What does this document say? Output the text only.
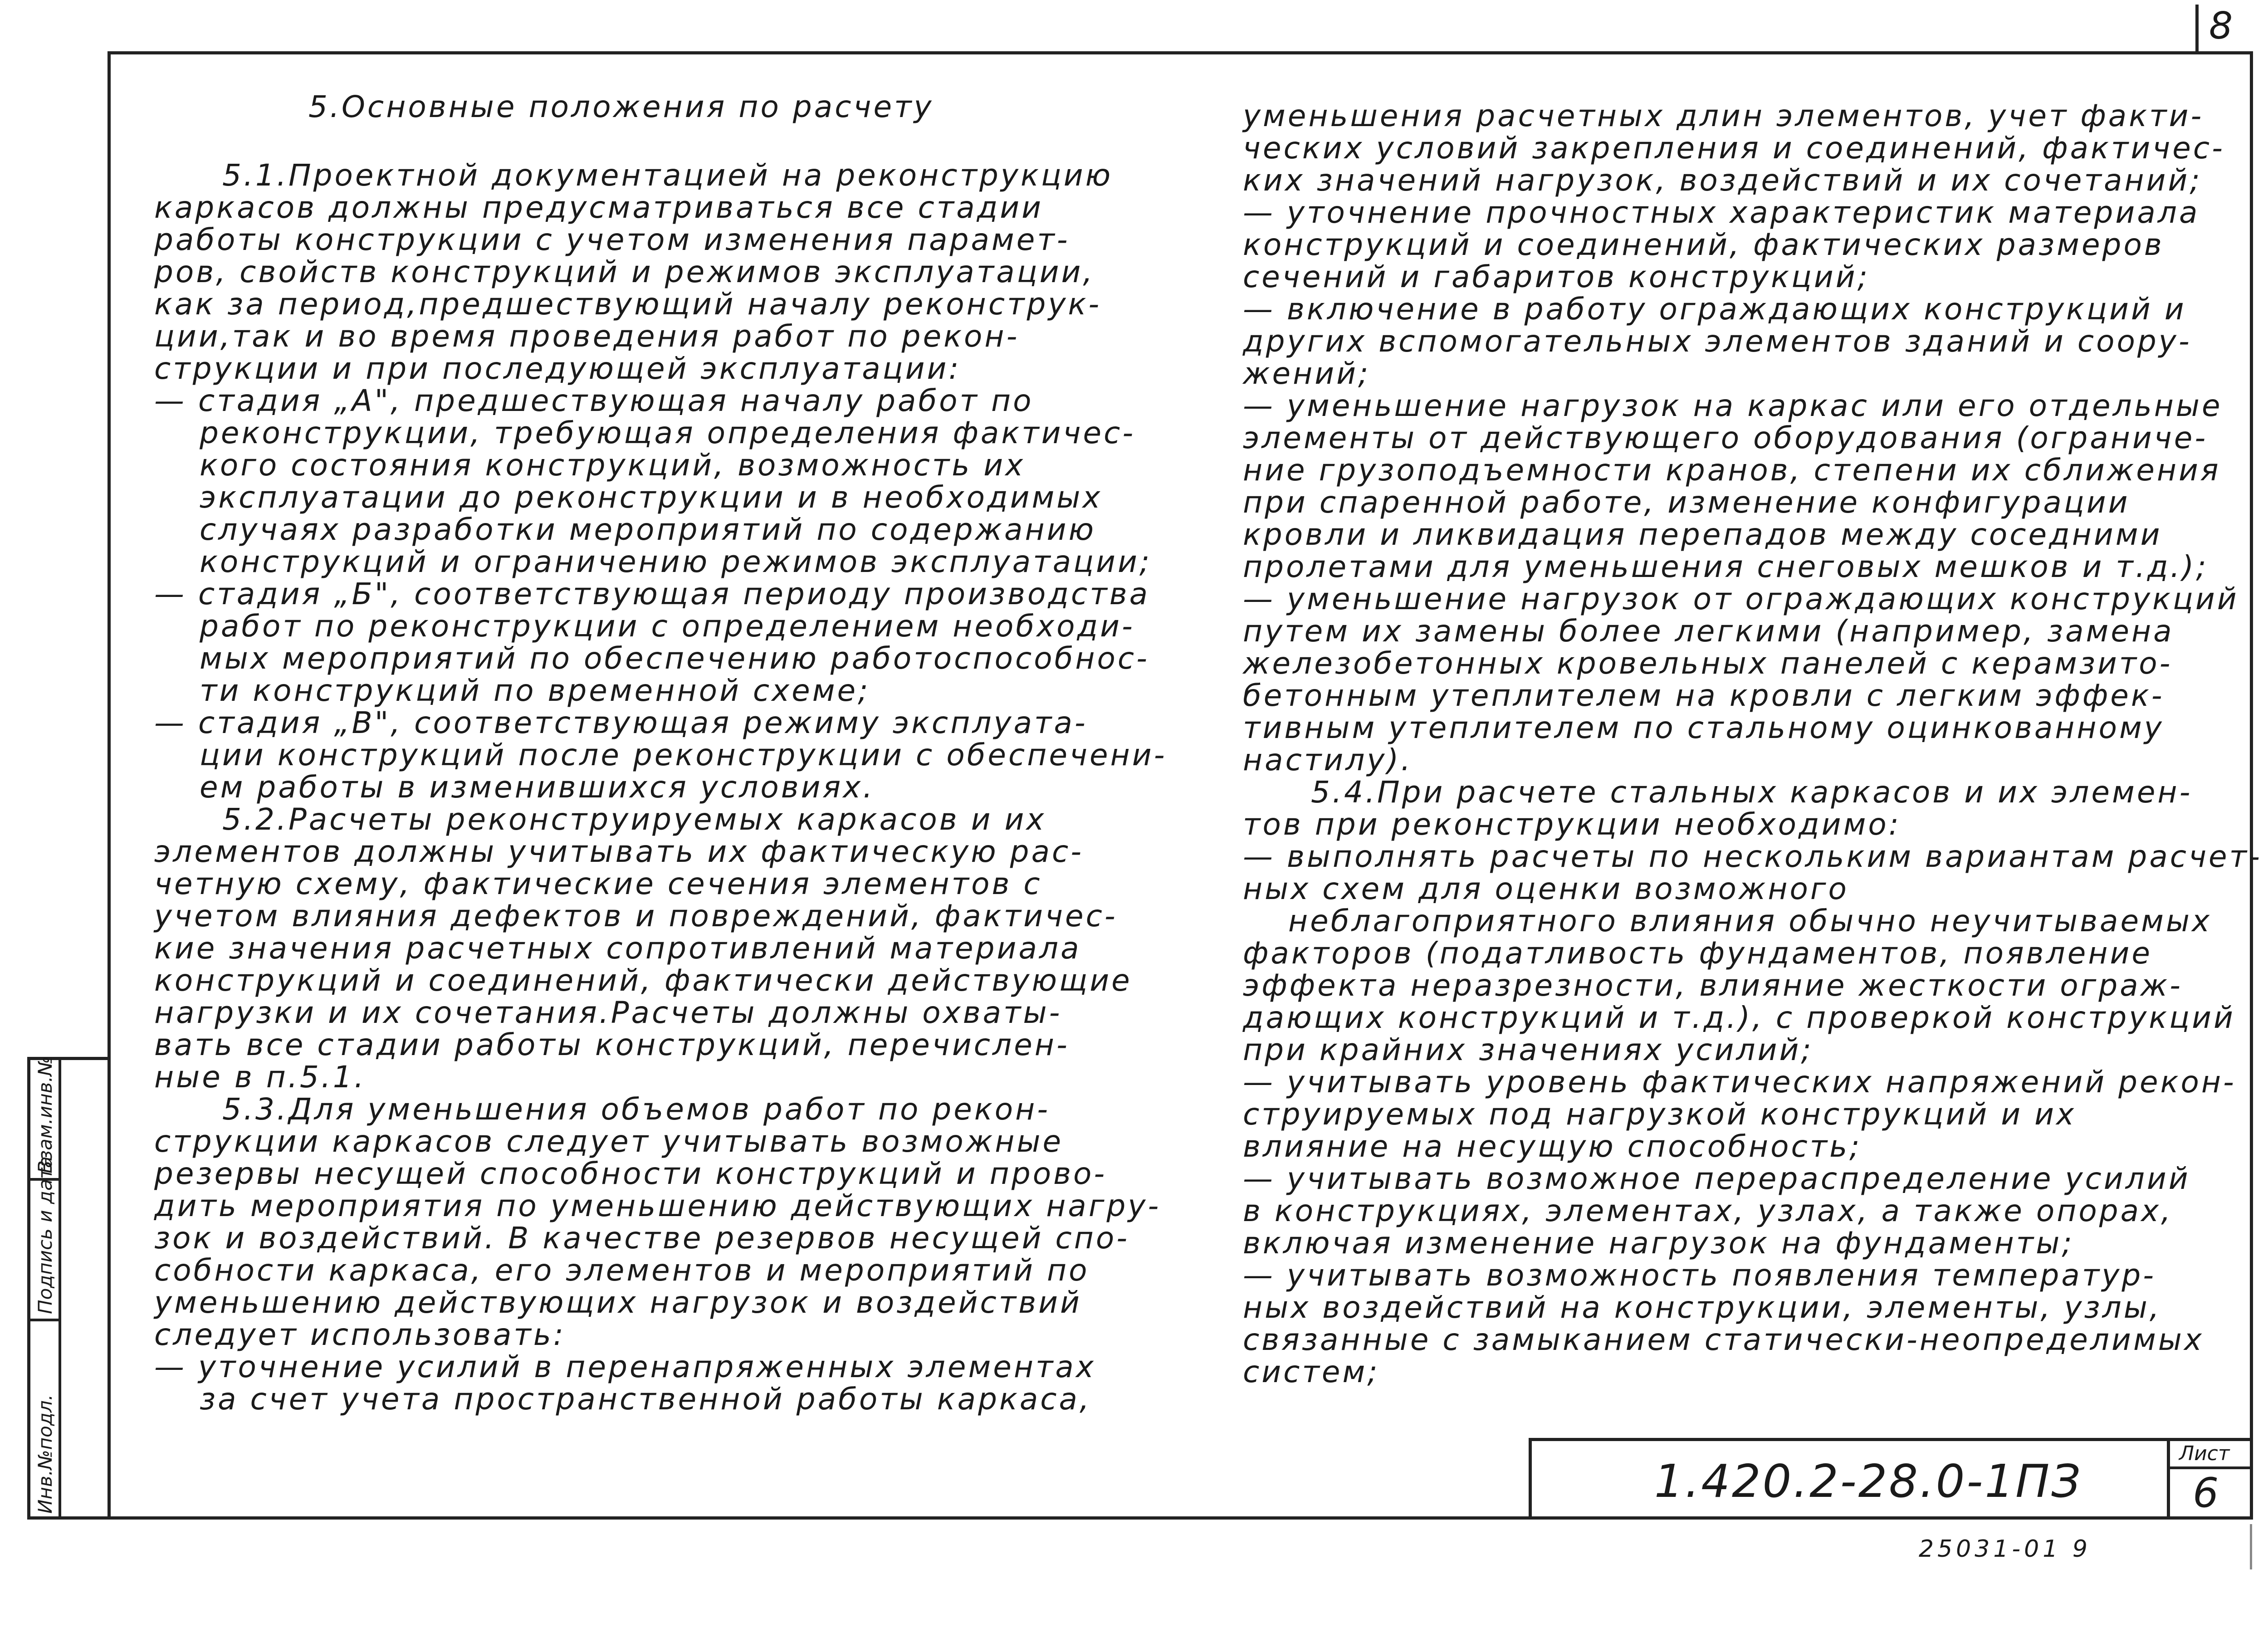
8
Инв.№подл.
Подпись и дата
Взам.инв.№
5.Основные положения по расчету
5.1.Проектной документацией на реконструкцию
каркасов должны предусматриваться все стадии
работы конструкции с учетом изменения парамет-
ров, свойств конструкций и режимов эксплуатации,
как за период,предшествующий началу реконструк-
ции,так и во время проведения работ по рекон-
струкции и при последующей эксплуатации:
— стадия „А", предшествующая началу работ по
реконструкции, требующая определения фактичес-
кого состояния конструкций, возможность их
эксплуатации до реконструкции и в необходимых
случаях разработки мероприятий по содержанию
конструкций и ограничению режимов эксплуатации;
— стадия „Б", соответствующая периоду производства
работ по реконструкции с определением необходи-
мых мероприятий по обеспечению работоспособнос-
ти конструкций по временной схеме;
— стадия „В", соответствующая режиму эксплуата-
ции конструкций после реконструкции с обеспечени-
ем работы в изменившихся условиях.
5.2.Расчеты реконструируемых каркасов и их
элементов должны учитывать их фактическую рас-
четную схему, фактические сечения элементов с
учетом влияния дефектов и повреждений, фактичес-
кие значения расчетных сопротивлений материала
конструкций и соединений, фактически действующие
нагрузки и их сочетания.Расчеты должны охваты-
вать все стадии работы конструкций, перечислен-
ные в п.5.1.
5.3.Для уменьшения объемов работ по рекон-
струкции каркасов следует учитывать возможные
резервы несущей способности конструкций и прово-
дить мероприятия по уменьшению действующих нагру-
зок и воздействий. В качестве резервов несущей спо-
собности каркаса, его элементов и мероприятий по
уменьшению действующих нагрузок и воздействий
следует использовать:
— уточнение усилий в перенапряженных элементах
за счет учета пространственной работы каркаса,
уменьшения расчетных длин элементов, учет факти-
ческих условий закрепления и соединений, фактичес-
ких значений нагрузок, воздействий и их сочетаний;
— уточнение прочностных характеристик материала
конструкций и соединений, фактических размеров
сечений и габаритов конструкций;
— включение в работу ограждающих конструкций и
других вспомогательных элементов зданий и соору-
жений;
— уменьшение нагрузок на каркас или его отдельные
элементы от действующего оборудования (ограниче-
ние грузоподъемности кранов, степени их сближения
при спаренной работе, изменение конфигурации
кровли и ликвидация перепадов между соседними
пролетами для уменьшения снеговых мешков и т.д.);
— уменьшение нагрузок от ограждающих конструкций
путем их замены более легкими (например, замена
железобетонных кровельных панелей с керамзито-
бетонным утеплителем на кровли с легким эффек-
тивным утеплителем по стальному оцинкованному
настилу).
5.4.При расчете стальных каркасов и их элемен-
тов при реконструкции необходимо:
— выполнять расчеты по нескольким вариантам расчет-
ных схем для оценки возможного
неблагоприятного влияния обычно неучитываемых
факторов (податливость фундаментов, появление
эффекта неразрезности, влияние жесткости ограж-
дающих конструкций и т.д.), с проверкой конструкций
при крайних значениях усилий;
— учитывать уровень фактических напряжений рекон-
струируемых под нагрузкой конструкций и их
влияние на несущую способность;
— учитывать возможное перераспределение усилий
в конструкциях, элементах, узлах, а также опорах,
включая изменение нагрузок на фундаменты;
— учитывать возможность появления температур-
ных воздействий на конструкции, элементы, узлы,
связанные с замыканием статически-неопределимых
систем;
1.420.2-28.0-1ПЗ
Лист
6
25031-01 9
